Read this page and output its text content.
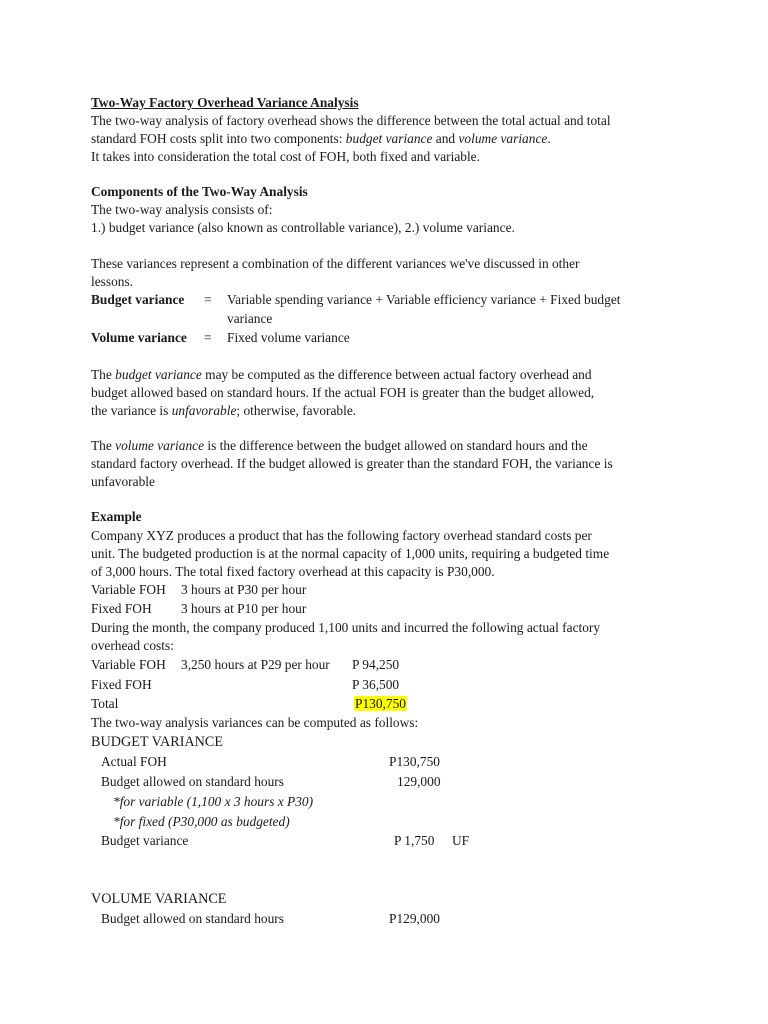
Two-Way Factory Overhead Variance Analysis
The two-way analysis of factory overhead shows the difference between the total actual and total
standard FOH costs split into two components: budget variance and volume variance.
It takes into consideration the total cost of FOH, both fixed and variable.
Components of the Two-Way Analysis
The two-way analysis consists of:
1.) budget variance (also known as controllable variance), 2.) volume variance.
These variances represent a combination of the different variances we've discussed in other
lessons.
Budget variance = Variable spending variance + Variable efficiency variance + Fixed budget
variance
Volume variance = Fixed volume variance
The budget variance may be computed as the difference between actual factory overhead and
budget allowed based on standard hours. If the actual FOH is greater than the budget allowed,
the variance is unfavorable; otherwise, favorable.
The volume variance is the difference between the budget allowed on standard hours and the
standard factory overhead. If the budget allowed is greater than the standard FOH, the variance is
unfavorable
Example
Company XYZ produces a product that has the following factory overhead standard costs per
unit. The budgeted production is at the normal capacity of 1,000 units, requiring a budgeted time
of 3,000 hours. The total fixed factory overhead at this capacity is P30,000.
Variable FOH 3 hours at P30 per hour
Fixed FOH 3 hours at P10 per hour
During the month, the company produced 1,100 units and incurred the following actual factory
overhead costs:
Variable FOH 3,250 hours at P29 per hour P 94,250
Fixed FOH	P 36,500
Total	P130,750
The two-way analysis variances can be computed as follows:
BUDGET VARIANCE
Actual FOH	P130,750
Budget allowed on standard hours	129,000
*for variable (1,100 x 3 hours x P30)
*for fixed (P30,000 as budgeted)
Budget variance	P 1,750 UF
VOLUME VARIANCE
Budget allowed on standard hours	P129,000
